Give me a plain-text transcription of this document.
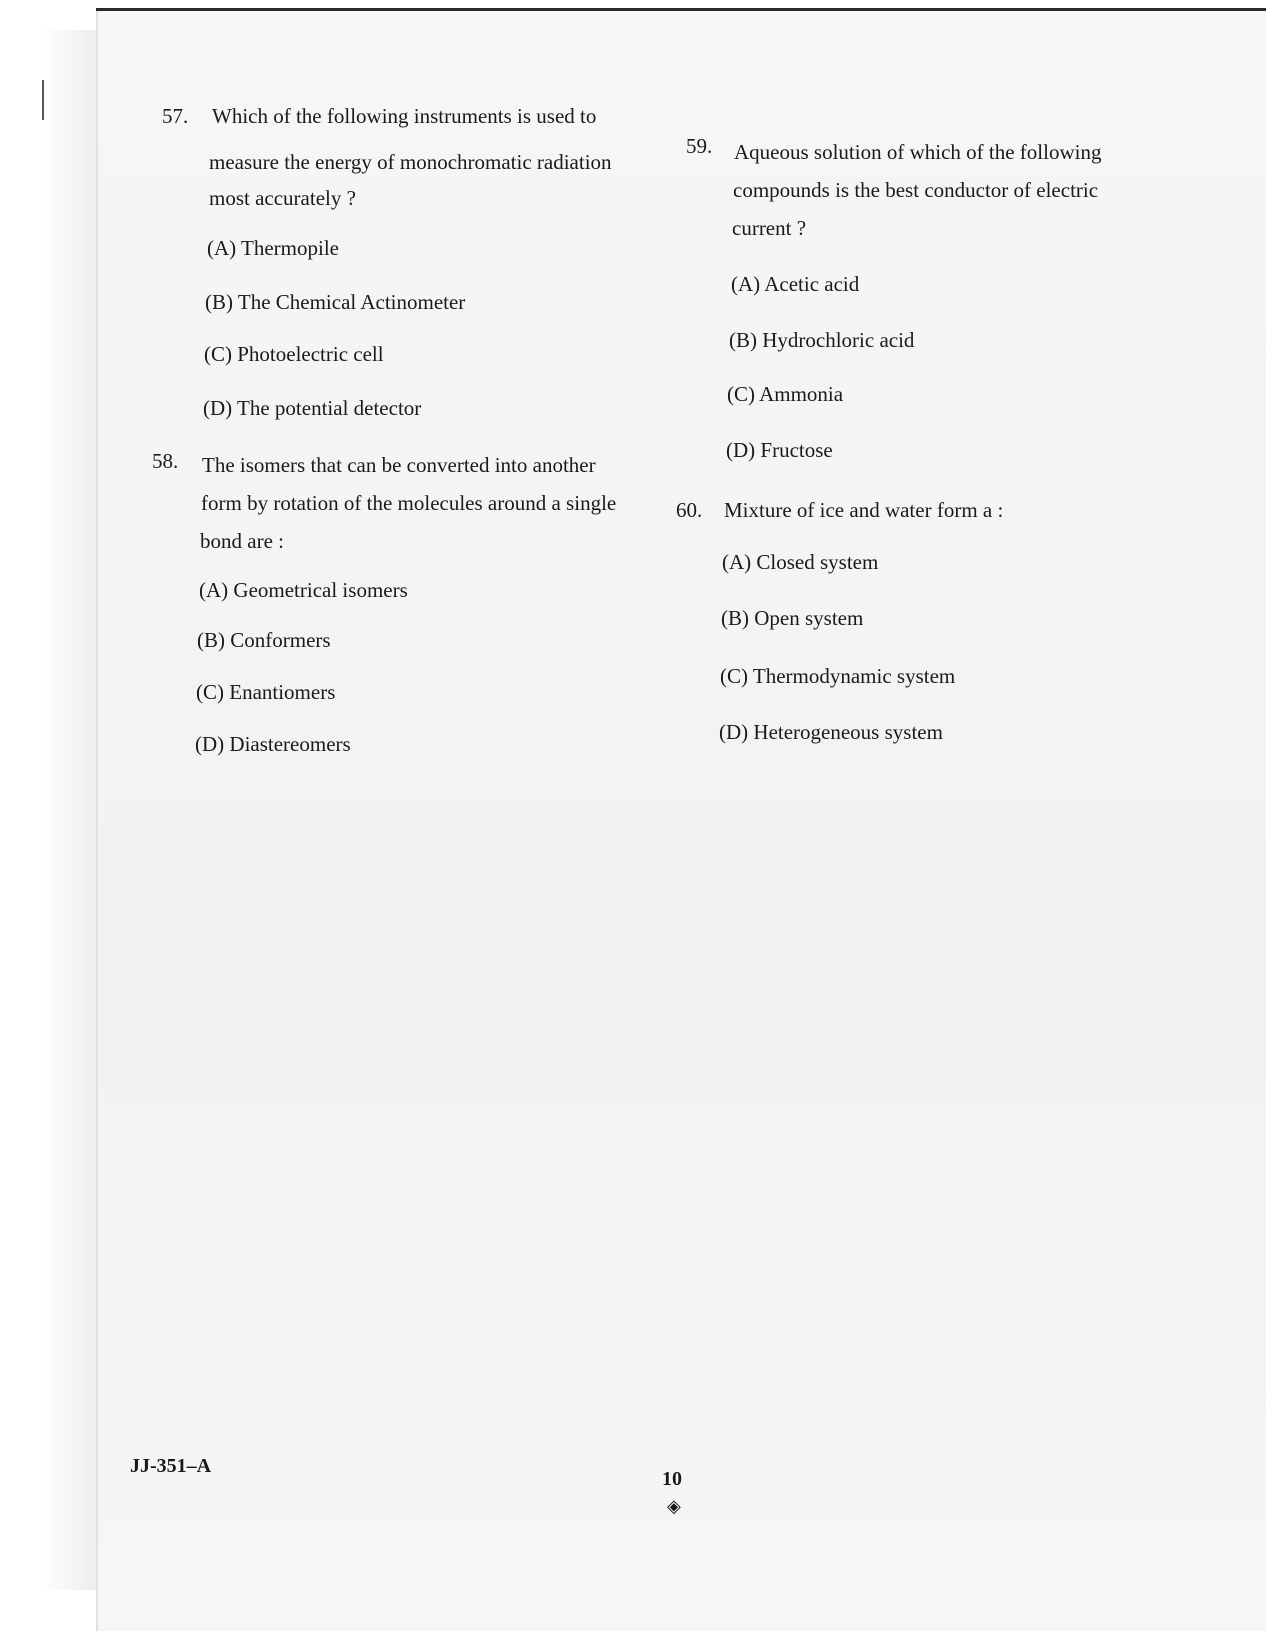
57. Which of the following instruments is used to
measure the energy of monochromatic radiation
most accurately ?
(A) Thermopile
(B) The Chemical Actinometer
(C) Photoelectric cell
(D) The potential detector
58. The isomers that can be converted into another
form by rotation of the molecules around a single
bond are :
(A) Geometrical isomers
(B) Conformers
(C) Enantiomers
(D) Diastereomers
59. Aqueous solution of which of the following
compounds is the best conductor of electric
current ?
(A) Acetic acid
(B) Hydrochloric acid
(C) Ammonia
(D) Fructose
60. Mixture of ice and water form a :
(A) Closed system
(B) Open system
(C) Thermodynamic system
(D) Heterogeneous system
JJ-351–A
10
◈
